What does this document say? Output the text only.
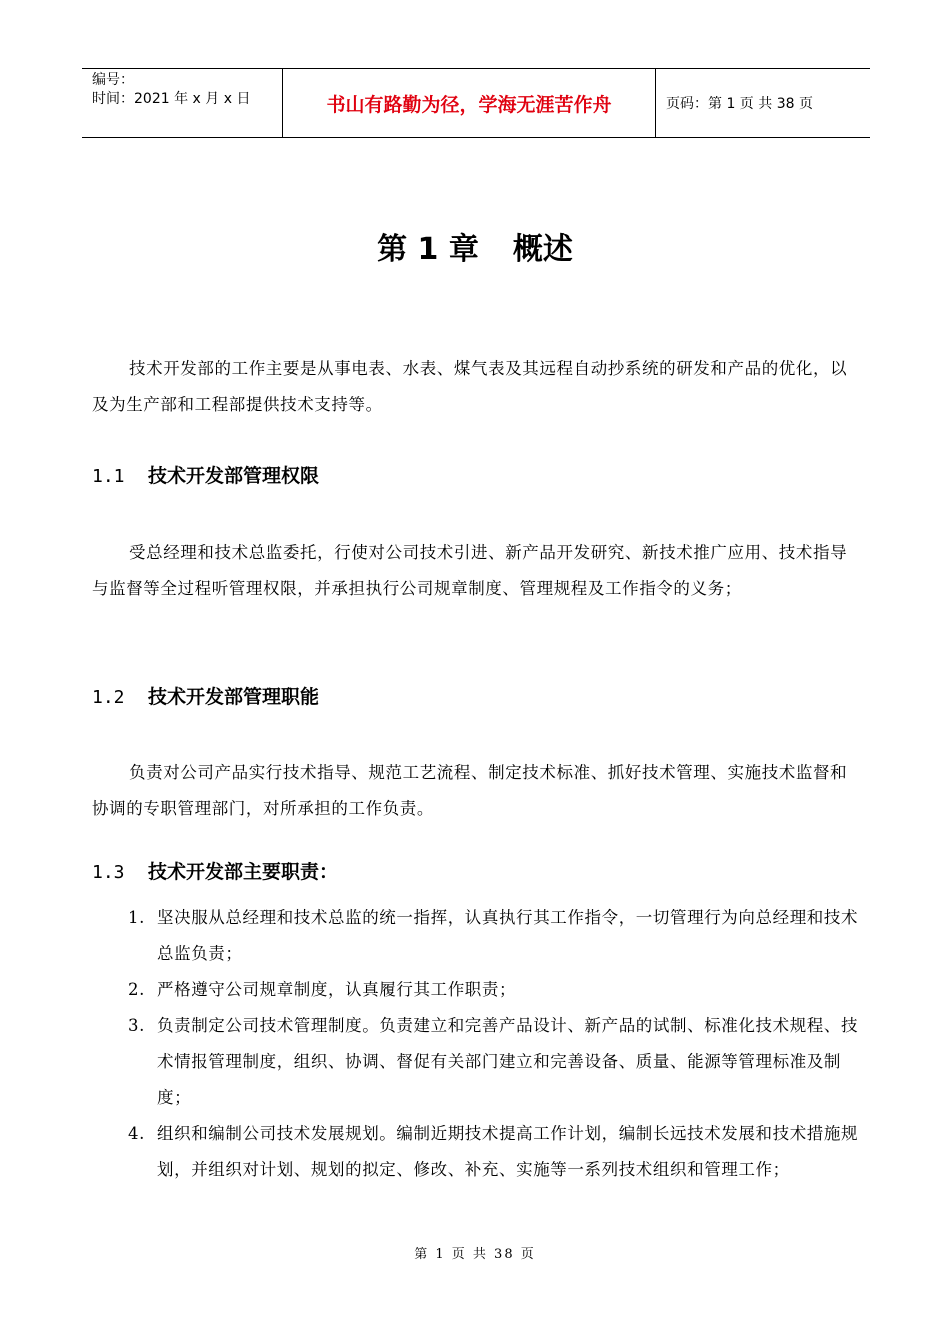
编号：
时间：2021 年 x 月 x 日	书山有路勤为径，学海无涯苦作舟	页码：第 1 页 共 38 页
第 1 章 概述
技术开发部的工作主要是从事电表、水表、煤气表及其远程自动抄系统的研发和产品的优化，以及为生产部和工程部提供技术支持等。
1.1 技术开发部管理权限
受总经理和技术总监委托，行使对公司技术引进、新产品开发研究、新技术推广应用、技术指导与监督等全过程听管理权限，并承担执行公司规章制度、管理规程及工作指令的义务；
1.2 技术开发部管理职能
负责对公司产品实行技术指导、规范工艺流程、制定技术标准、抓好技术管理、实施技术监督和协调的专职管理部门，对所承担的工作负责。
1.3 技术开发部主要职责：
1. 坚决服从总经理和技术总监的统一指挥，认真执行其工作指令，一切管理行为向总经理和技术总监负责；
2. 严格遵守公司规章制度，认真履行其工作职责；
3. 负责制定公司技术管理制度。负责建立和完善产品设计、新产品的试制、标准化技术规程、技术情报管理制度，组织、协调、督促有关部门建立和完善设备、质量、能源等管理标准及制度；
4. 组织和编制公司技术发展规划。编制近期技术提高工作计划，编制长远技术发展和技术措施规划，并组织对计划、规划的拟定、修改、补充、实施等一系列技术组织和管理工作；
第 1 页 共 38 页
